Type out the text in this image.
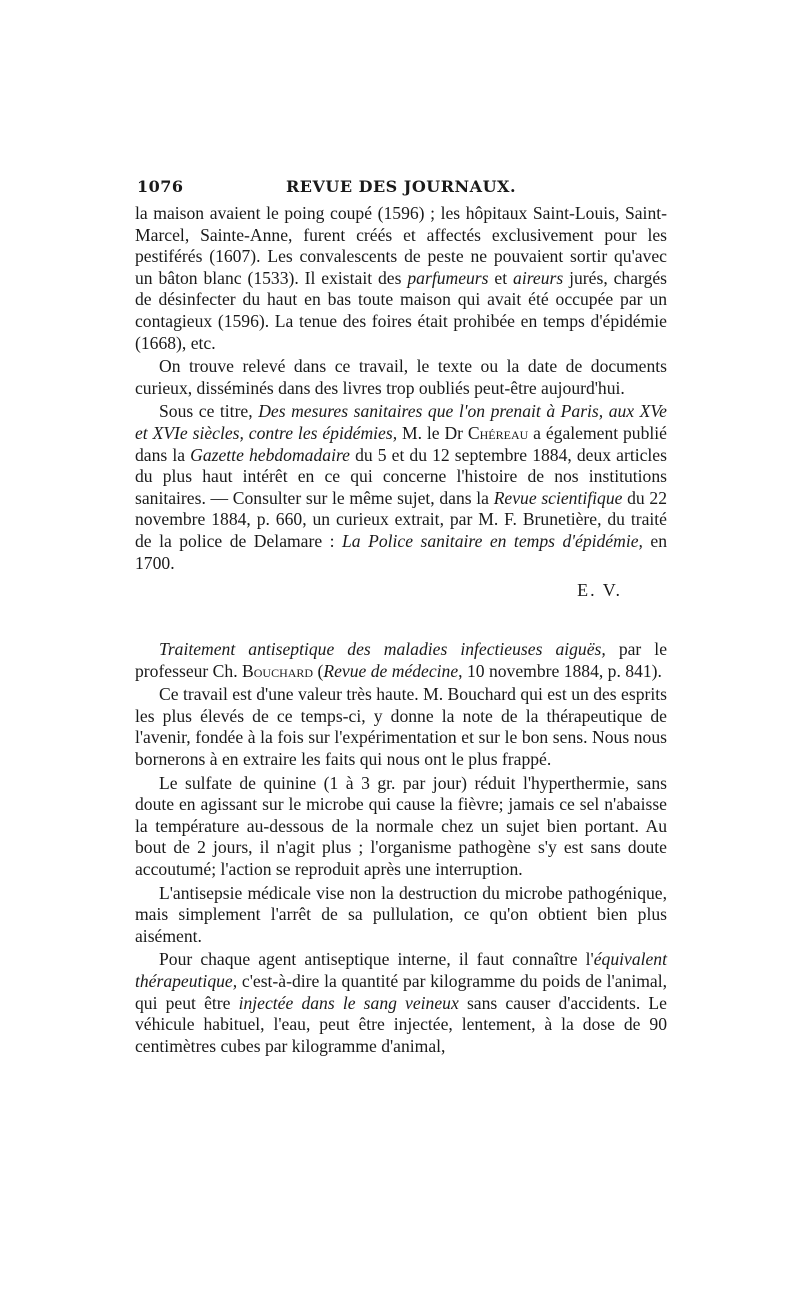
1076	REVUE DES JOURNAUX.

la maison avaient le poing coupé (1596) ; les hôpitaux Saint-Louis, Saint-Marcel, Sainte-Anne, furent créés et affectés exclusivement pour les pestiférés (1607). Les convalescents de peste ne pouvaient sortir qu'avec un bâton blanc (1533). Il existait des parfumeurs et aireurs jurés, chargés de désinfecter du haut en bas toute maison qui avait été occupée par un contagieux (1596). La tenue des foires était prohibée en temps d'épidémie (1668), etc.

On trouve relevé dans ce travail, le texte ou la date de documents curieux, disséminés dans des livres trop oubliés peut-être aujourd'hui.

Sous ce titre, Des mesures sanitaires que l'on prenait à Paris, aux XVe et XVIe siècles, contre les épidémies, M. le Dr Chéreau a également publié dans la Gazette hebdomadaire du 5 et du 12 septembre 1884, deux articles du plus haut intérêt en ce qui concerne l'histoire de nos institutions sanitaires. — Consulter sur le même sujet, dans la Revue scientifique du 22 novembre 1884, p. 660, un curieux extrait, par M. F. Brunetière, du traité de la police de Delamare : La Police sanitaire en temps d'épidémie, en 1700.

E. V.

Traitement antiseptique des maladies infectieuses aiguës, par le professeur Ch. Bouchard (Revue de médecine, 10 novembre 1884, p. 841).

Ce travail est d'une valeur très haute. M. Bouchard qui est un des esprits les plus élevés de ce temps-ci, y donne la note de la thérapeutique de l'avenir, fondée à la fois sur l'expérimentation et sur le bon sens. Nous nous bornerons à en extraire les faits qui nous ont le plus frappé.

Le sulfate de quinine (1 à 3 gr. par jour) réduit l'hyperthermie, sans doute en agissant sur le microbe qui cause la fièvre; jamais ce sel n'abaisse la température au-dessous de la normale chez un sujet bien portant. Au bout de 2 jours, il n'agit plus ; l'organisme pathogène s'y est sans doute accoutumé; l'action se reproduit après une interruption.

L'antisepsie médicale vise non la destruction du microbe pathogénique, mais simplement l'arrêt de sa pullulation, ce qu'on obtient bien plus aisément.

Pour chaque agent antiseptique interne, il faut connaître l'équivalent thérapeutique, c'est-à-dire la quantité par kilogramme du poids de l'animal, qui peut être injectée dans le sang veineux sans causer d'accidents. Le véhicule habituel, l'eau, peut être injectée, lentement, à la dose de 90 centimètres cubes par kilogramme d'animal,
